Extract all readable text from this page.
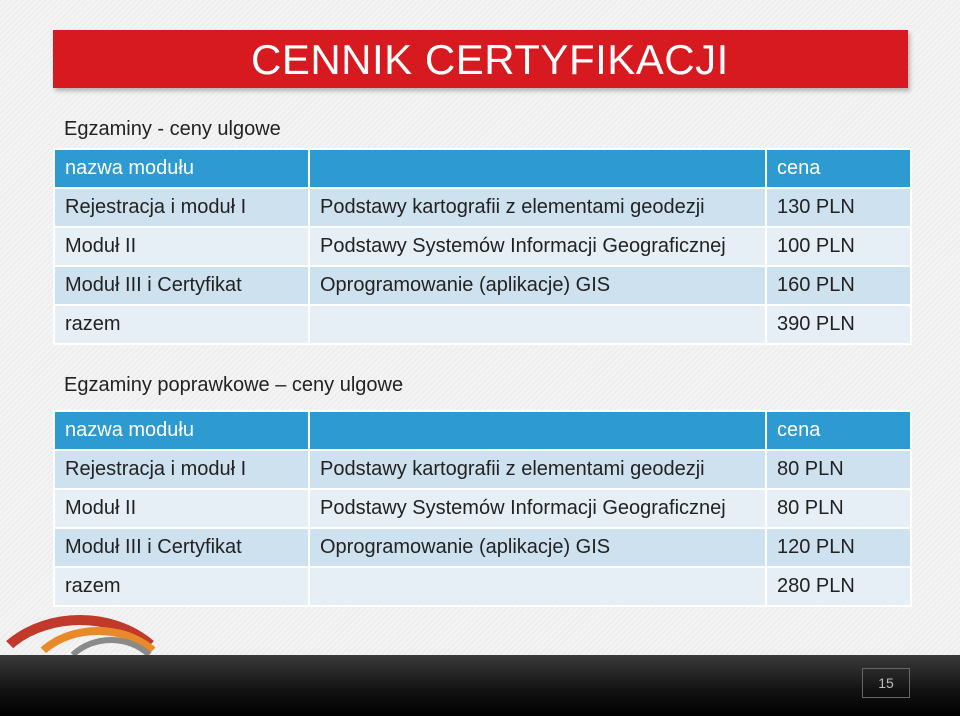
CENNIK CERTYFIKACJI
Egzaminy - ceny ulgowe
nazwa modułu		cena
Rejestracja i moduł I	Podstawy kartografii z elementami geodezji	130 PLN
Moduł II	Podstawy Systemów Informacji Geograficznej	100 PLN
Moduł III i Certyfikat	Oprogramowanie (aplikacje) GIS	160 PLN
razem		390 PLN
Egzaminy poprawkowe – ceny ulgowe
nazwa modułu		cena
Rejestracja i moduł I	Podstawy kartografii z elementami geodezji	80 PLN
Moduł II	Podstawy Systemów Informacji Geograficznej	80 PLN
Moduł III i Certyfikat	Oprogramowanie (aplikacje) GIS	120 PLN
razem		280 PLN
15
